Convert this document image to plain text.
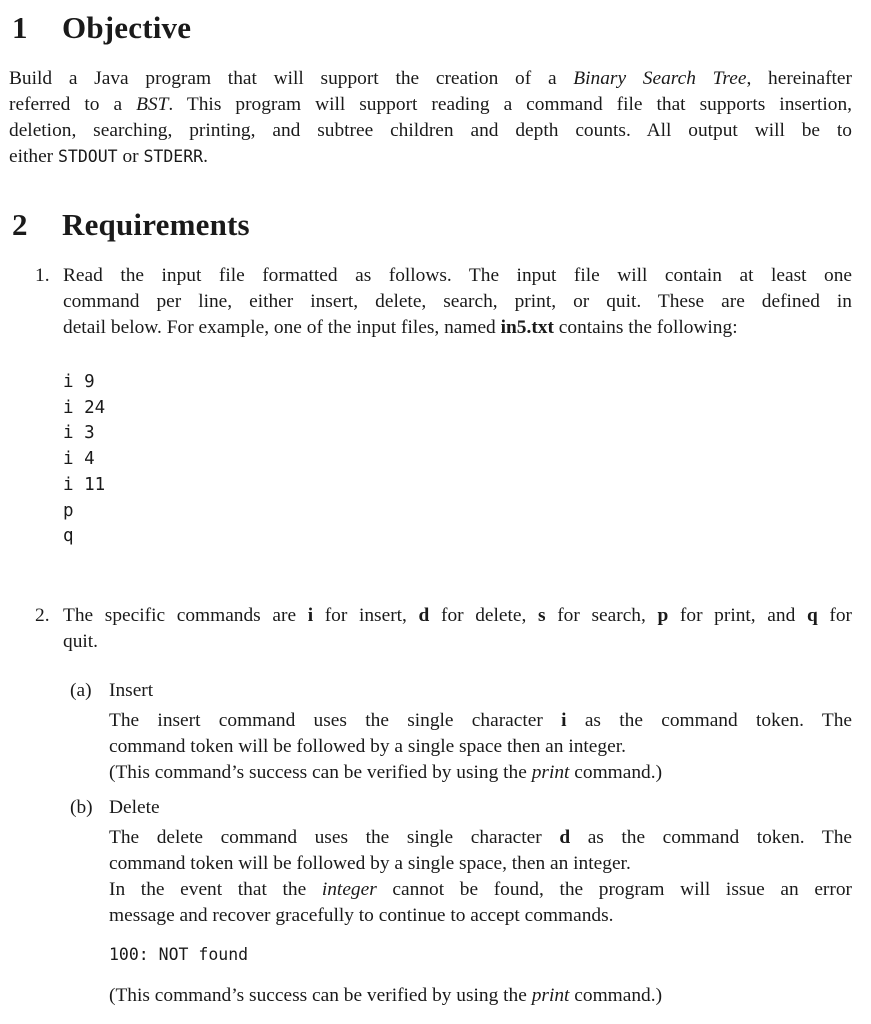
1 Objective
Build a Java program that will support the creation of a Binary Search Tree, hereinafter
referred to a BST. This program will support reading a command file that supports insertion,
deletion, searching, printing, and subtree children and depth counts. All output will be to
either STDOUT or STDERR.
2 Requirements
1. Read the input file formatted as follows. The input file will contain at least one
command per line, either insert, delete, search, print, or quit. These are defined in
detail below. For example, one of the input files, named in5.txt contains the following:
i 9
i 24
i 3
i 4
i 11
p
q
2. The specific commands are i for insert, d for delete, s for search, p for print, and q for
quit.
(a) Insert
The insert command uses the single character i as the command token. The
command token will be followed by a single space then an integer.
(This command’s success can be verified by using the print command.)
(b) Delete
The delete command uses the single character d as the command token. The
command token will be followed by a single space, then an integer.
In the event that the integer cannot be found, the program will issue an error
message and recover gracefully to continue to accept commands.
100: NOT found
(This command’s success can be verified by using the print command.)
